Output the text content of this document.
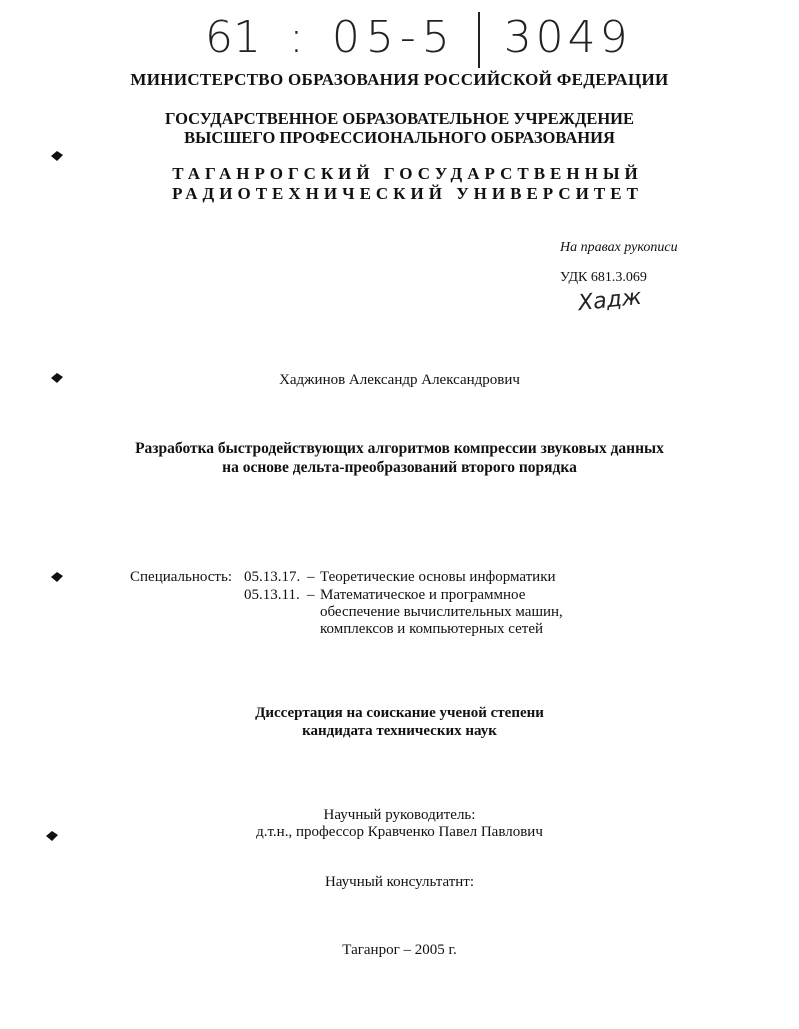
61 : 05-5 3049
МИНИСТЕРСТВО ОБРАЗОВАНИЯ РОССИЙСКОЙ ФЕДЕРАЦИИ
ГОСУДАРСТВЕННОЕ ОБРАЗОВАТЕЛЬНОЕ УЧРЕЖДЕНИЕ
ВЫСШЕГО ПРОФЕССИОНАЛЬНОГО ОБРАЗОВАНИЯ
ТАГАНРОГСКИЙ ГОСУДАРСТВЕННЫЙ
РАДИОТЕХНИЧЕСКИЙ УНИВЕРСИТЕТ
На правах рукописи
УДК 681.3.069
Хадж
Хаджинов Александр Александрович
Разработка быстродействующих алгоритмов компрессии звуковых данных
на основе дельта-преобразований второго порядка
Специальность: 05.13.17. – Теоретические основы информатики
05.13.11. – Математическое и программное
обеспечение вычислительных машин,
комплексов и компьютерных сетей
Диссертация на соискание ученой степени
кандидата технических наук
Научный руководитель:
д.т.н., профессор Кравченко Павел Павлович
Научный консультатнт:
Таганрог – 2005 г.
